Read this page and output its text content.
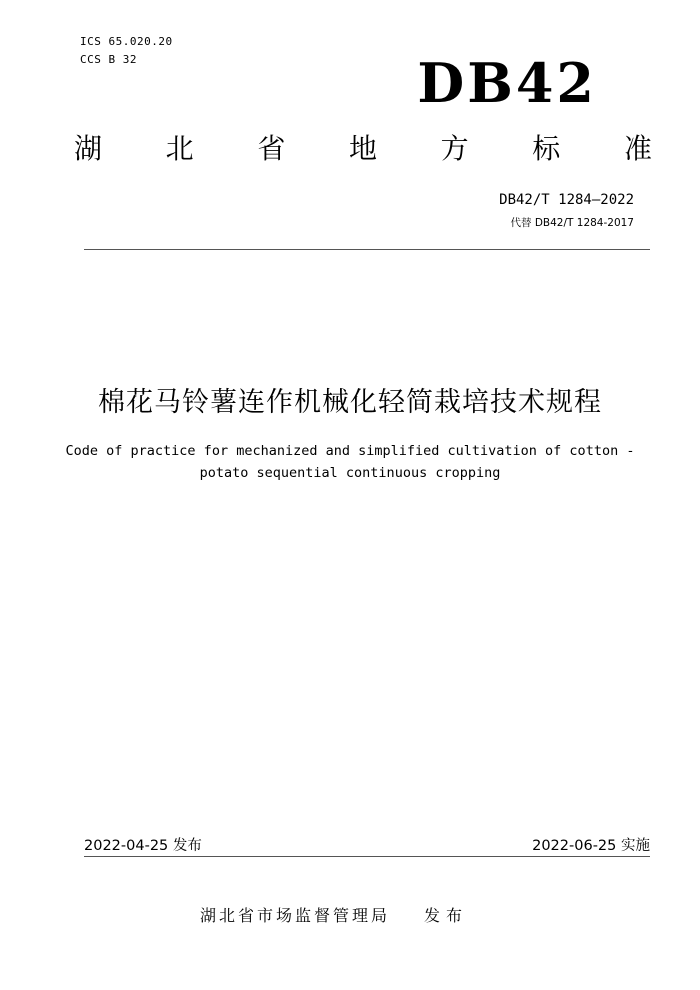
ICS 65.020.20
CCS B 32	DB42
湖 北 省 地 方 标 准
DB42/T 1284—2022
代替 DB42/T 1284-2017
棉花马铃薯连作机械化轻简栽培技术规程
Code of practice for mechanized and simplified cultivation of cotton -
potato sequential continuous cropping
2022-04-25 发布	2022-06-25 实施
湖北省市场监督管理局 发布
